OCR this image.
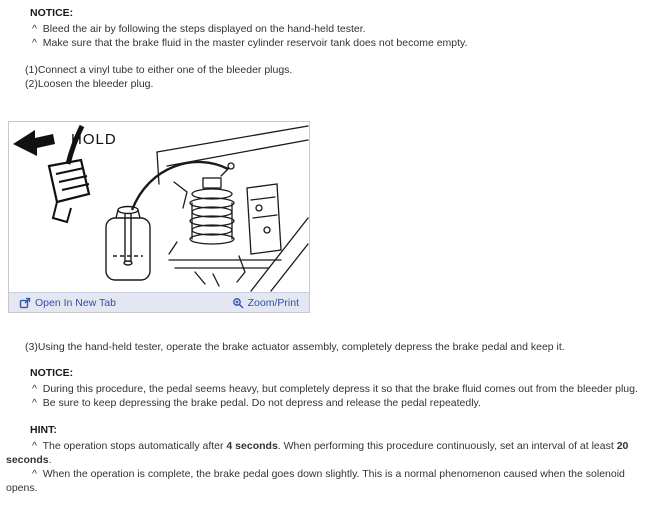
NOTICE:
^  Bleed the air by following the steps displayed on the hand-held tester.
^  Make sure that the brake fluid in the master cylinder reservoir tank does not become empty.
(1)Connect a vinyl tube to either one of the bleeder plugs.
(2)Loosen the bleeder plug.
HOLD
Open In New Tab	Zoom/Print
(3)Using the hand-held tester, operate the brake actuator assembly, completely depress the brake pedal and keep it.
NOTICE:
^  During this procedure, the pedal seems heavy, but completely depress it so that the brake fluid comes out from the bleeder plug.
^  Be sure to keep depressing the brake pedal. Do not depress and release the pedal repeatedly.
HINT:
^  The operation stops automatically after 4 seconds. When performing this procedure continuously, set an interval of at least 20 seconds.
^  When the operation is complete, the brake pedal goes down slightly. This is a normal phenomenon caused when the solenoid opens.
